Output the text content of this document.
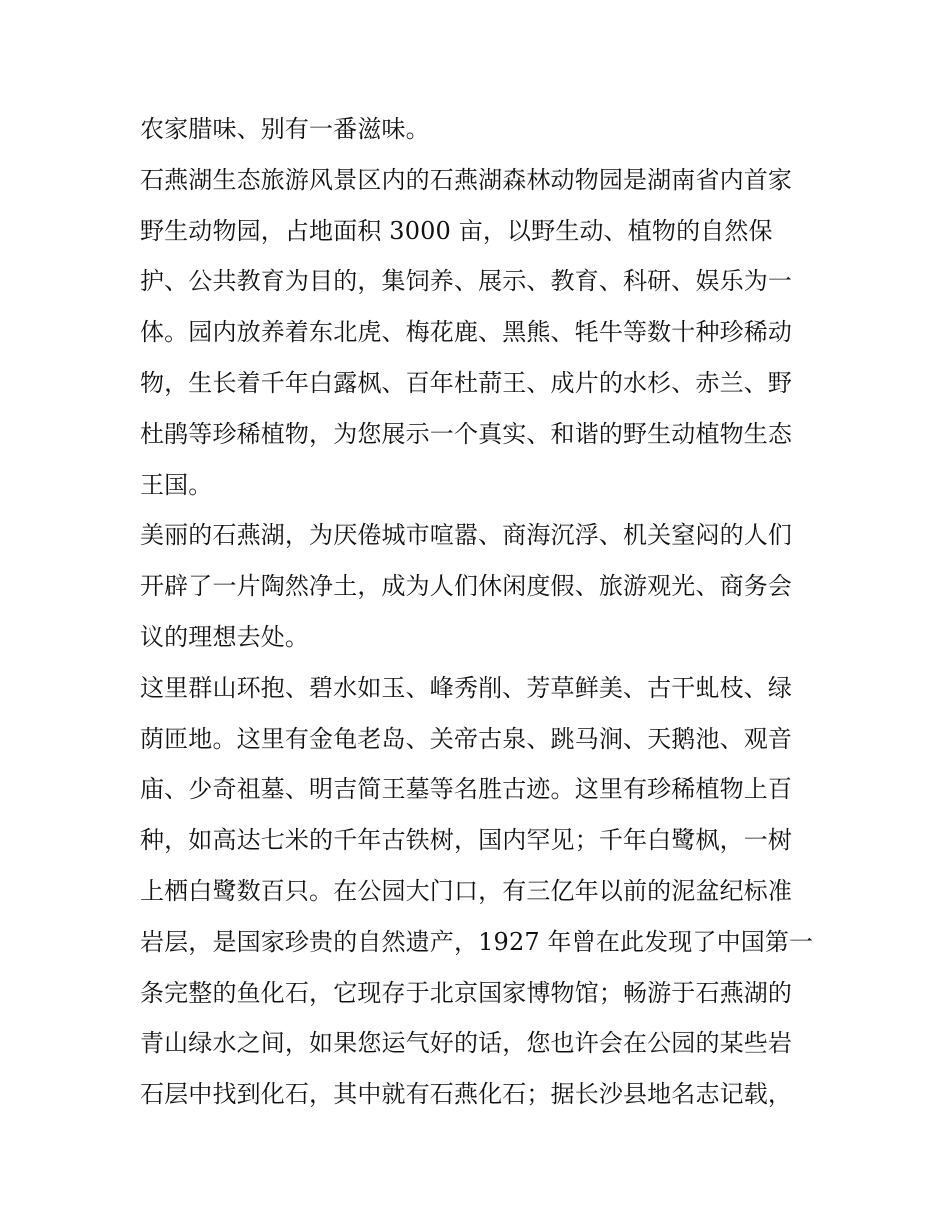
农家腊味、别有一番滋味。
石燕湖生态旅游风景区内的石燕湖森林动物园是湖南省内首家
野生动物园，占地面积 3000 亩，以野生动、植物的自然保
护、公共教育为目的，集饲养、展示、教育、科研、娱乐为一
体。园内放养着东北虎、梅花鹿、黑熊、牦牛等数十种珍稀动
物，生长着千年白露枫、百年杜葥王、成片的水杉、赤兰、野
杜鹃等珍稀植物，为您展示一个真实、和谐的野生动植物生态
王国。
美丽的石燕湖，为厌倦城市喧嚣、商海沉浮、机关窒闷的人们
开辟了一片陶然净土，成为人们休闲度假、旅游观光、商务会
议的理想去处。
这里群山环抱、碧水如玉、峰秀削、芳草鲜美、古干虬枝、绿
荫匝地。这里有金龟老岛、关帝古泉、跳马涧、天鹅池、观音
庙、少奇祖墓、明吉简王墓等名胜古迹。这里有珍稀植物上百
种，如高达七米的千年古铁树，国内罕见；千年白鹭枫，一树
上栖白鹭数百只。在公园大门口，有三亿年以前的泥盆纪标准
岩层，是国家珍贵的自然遗产，1927 年曾在此发现了中国第一
条完整的鱼化石，它现存于北京国家博物馆；畅游于石燕湖的
青山绿水之间，如果您运气好的话，您也许会在公园的某些岩
石层中找到化石，其中就有石燕化石；据长沙县地名志记载，
